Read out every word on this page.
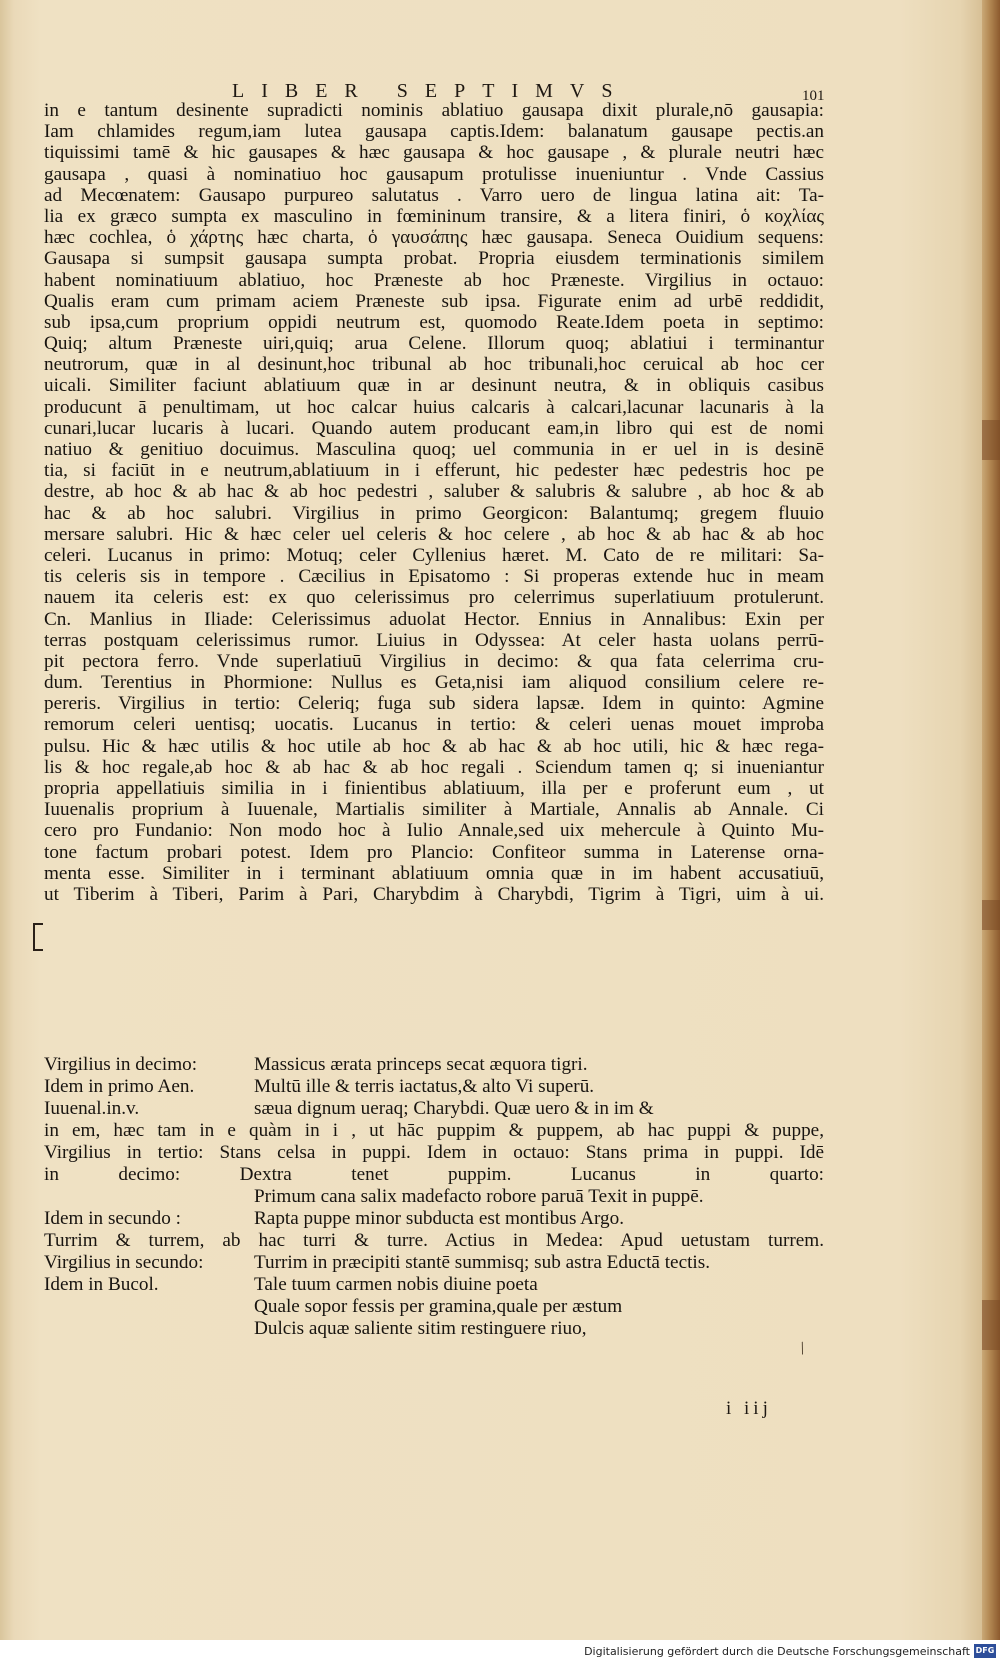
LIBER SEPTIMVS	101
in e tantum desinente supradicti nominis ablatiuo gausapa dixit plurale,nō gausapia:
Iam chlamides regum,iam lutea gausapa captis.Idem: balanatum gausape pectis.an
tiquissimi tamē & hic gausapes & hæc gausapa & hoc gausape , & plurale neutri hæc
gausapa , quasi à nominatiuo hoc gausapum protulisse inueniuntur . Vnde Cassius
ad Mecœnatem: Gausapo purpureo salutatus . Varro uero de lingua latina ait: Ta-
lia ex græco sumpta ex masculino in fœmininum transire, & a litera finiri, ὁ κοχλίας
hæc cochlea, ὁ χάρτης hæc charta, ὁ γαυσάπης hæc gausapa. Seneca Ouidium sequens:
Gausapa si sumpsit gausapa sumpta probat. Propria eiusdem terminationis similem
habent nominatiuum ablatiuo, hoc Præneste ab hoc Præneste. Virgilius in octauo:
Qualis eram cum primam aciem Præneste sub ipsa. Figurate enim ad urbē reddidit,
sub ipsa,cum proprium oppidi neutrum est, quomodo Reate.Idem poeta in septimo:
Quiq; altum Præneste uiri,quiq; arua Celene. Illorum quoq; ablatiui i terminantur
neutrorum, quæ in al desinunt,hoc tribunal ab hoc tribunali,hoc ceruical ab hoc cer
uicali. Similiter faciunt ablatiuum quæ in ar desinunt neutra, & in obliquis casibus
producunt ā penultimam, ut hoc calcar huius calcaris à calcari,lacunar lacunaris à la
cunari,lucar lucaris à lucari. Quando autem producant eam,in libro qui est de nomi
natiuo & genitiuo docuimus. Masculina quoq; uel communia in er uel in is desinē
tia, si faciūt in e neutrum,ablatiuum in i efferunt, hic pedester hæc pedestris hoc pe
destre, ab hoc & ab hac & ab hoc pedestri , saluber & salubris & salubre , ab hoc & ab
hac & ab hoc salubri. Virgilius in primo Georgicon: Balantumq; gregem fluuio
mersare salubri. Hic & hæc celer uel celeris & hoc celere , ab hoc & ab hac & ab hoc
celeri. Lucanus in primo: Motuq; celer Cyllenius hæret. M. Cato de re militari: Sa-
tis celeris sis in tempore . Cæcilius in Episatomo : Si properas extende huc in meam
nauem ita celeris est: ex quo celerissimus pro celerrimus superlatiuum protulerunt.
Cn. Manlius in Iliade: Celerissimus aduolat Hector. Ennius in Annalibus: Exin per
terras postquam celerissimus rumor. Liuius in Odyssea: At celer hasta uolans perrū-
pit pectora ferro. Vnde superlatiuū Virgilius in decimo: & qua fata celerrima cru-
dum. Terentius in Phormione: Nullus es Geta,nisi iam aliquod consilium celere re-
pereris. Virgilius in tertio: Celeriq; fuga sub sidera lapsæ. Idem in quinto: Agmine
remorum celeri uentisq; uocatis. Lucanus in tertio: & celeri uenas mouet improba
pulsu. Hic & hæc utilis & hoc utile ab hoc & ab hac & ab hoc utili, hic & hæc rega-
lis & hoc regale,ab hoc & ab hac & ab hoc regali . Sciendum tamen q; si inueniantur
propria appellatiuis similia in i finientibus ablatiuum, illa per e proferunt eum , ut
Iuuenalis proprium à Iuuenale, Martialis similiter à Martiale, Annalis ab Annale. Ci
cero pro Fundanio: Non modo hoc à Iulio Annale,sed uix mehercule à Quinto Mu-
tone factum probari potest. Idem pro Plancio: Confiteor summa in Laterense orna-
menta esse. Similiter in i terminant ablatiuum omnia quæ in im habent accusatiuū,
ut Tiberim à Tiberi, Parim à Pari, Charybdim à Charybdi, Tigrim à Tigri, uim à ui.
Virgilius in decimo:	Massicus ærata princeps secat æquora tigri.
Idem in primo Aen.	Multū ille & terris iactatus,& alto Vi superū.
Iuuenal.in.v.	sæua dignum ueraq; Charybdi. Quæ uero & in im &
in em, hæc tam in e quàm in i , ut hāc puppim & puppem, ab hac puppi & puppe,
Virgilius in tertio: Stans celsa in puppi. Idem in octauo: Stans prima in puppi. Idē
in decimo: Dextra tenet puppim. Lucanus in quarto:
Primum cana salix madefacto robore paruā Texit in puppē.
Idem in secundo :	Rapta puppe minor subducta est montibus Argo.
Turrim & turrem, ab hac turri & turre. Actius in Medea: Apud uetustam turrem.
Virgilius in secundo:	Turrim in præcipiti stantē summisq; sub astra Eductā tectis.
Idem in Bucol.	Tale tuum carmen nobis diuine poeta
Quale sopor fessis per gramina,quale per æstum
Dulcis aquæ saliente sitim restinguere riuo,
/
i iij
Digitalisierung gefördert durch die Deutsche Forschungsgemeinschaft DFG
